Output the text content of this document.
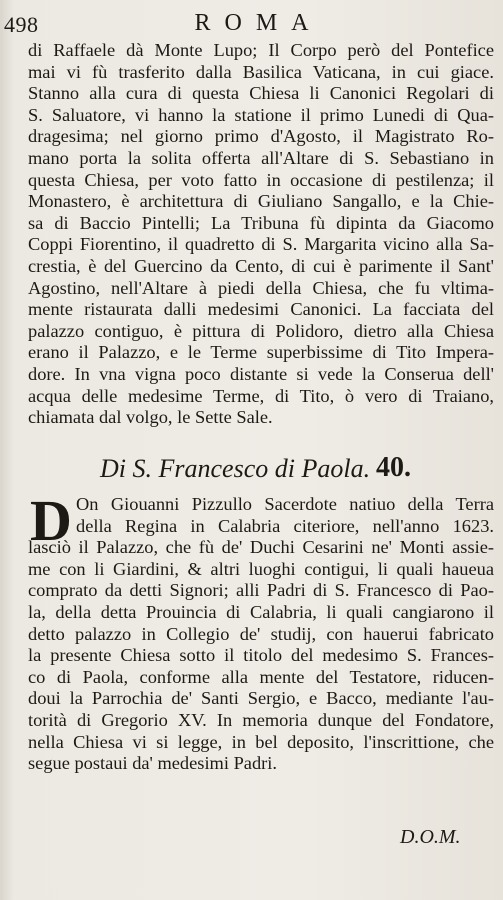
498	ROMA
di Raffaele dà Monte Lupo; Il Corpo però del Pontefice
mai vi fù trasferito dalla Basilica Vaticana, in cui giace.
Stanno alla cura di questa Chiesa li Canonici Regolari di
S. Saluatore, vi hanno la statione il primo Lunedi di Qua-
dragesima; nel giorno primo d'Agosto, il Magistrato Ro-
mano porta la solita offerta all'Altare di S. Sebastiano in
questa Chiesa, per voto fatto in occasione di pestilenza; il
Monastero, è architettura di Giuliano Sangallo, e la Chie-
sa di Baccio Pintelli; La Tribuna fù dipinta da Giacomo
Coppi Fiorentino, il quadretto di S. Margarita vicino alla Sa-
crestia, è del Guercino da Cento, di cui è parimente il Sant'
Agostino, nell'Altare à piedi della Chiesa, che fu vltima-
mente ristaurata dalli medesimi Canonici. La facciata del
palazzo contiguo, è pittura di Polidoro, dietro alla Chiesa
erano il Palazzo, e le Terme superbissime di Tito Impera-
dore. In vna vigna poco distante si vede la Conserua dell'
acqua delle medesime Terme, di Tito, ò vero di Traiano,
chiamata dal volgo, le Sette Sale.
Di S. Francesco di Paola. 40.
D On Giouanni Pizzullo Sacerdote natiuo della Terra
della Regina in Calabria citeriore, nell'anno 1623.
lasciò il Palazzo, che fù de' Duchi Cesarini ne' Monti assie-
me con li Giardini, & altri luoghi contigui, li quali haueua
comprato da detti Signori; alli Padri di S. Francesco di Pao-
la, della detta Prouincia di Calabria, li quali cangiarono il
detto palazzo in Collegio de' studij, con hauerui fabricato
la presente Chiesa sotto il titolo del medesimo S. Frances-
co di Paola, conforme alla mente del Testatore, riducen-
doui la Parrochia de' Santi Sergio, e Bacco, mediante l'au-
torità di Gregorio XV. In memoria dunque del Fondatore,
nella Chiesa vi si legge, in bel deposito, l'inscrittione, che
segue postaui da' medesimi Padri.
D.O.M.
